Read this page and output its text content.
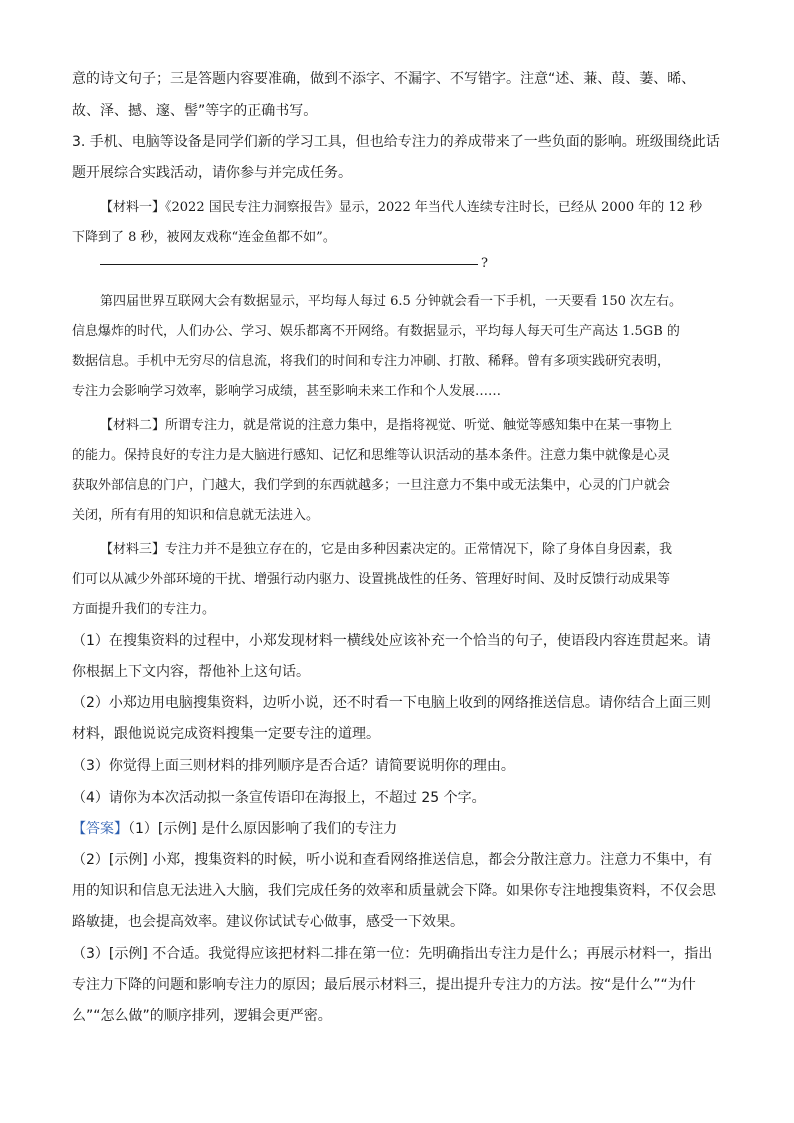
意的诗文句子；三是答题内容要准确，做到不添字、不漏字、不写错字。注意“述、蒹、葭、萋、晞、
故、泽、撼、邃、髻”等字的正确书写。
3. 手机、电脑等设备是同学们新的学习工具，但也给专注力的养成带来了一些负面的影响。班级围绕此话
题开展综合实践活动，请你参与并完成任务。
【材料一】《2022 国民专注力洞察报告》显示，2022 年当代人连续专注时长，已经从 2000 年的 12 秒
下降到了 8 秒，被网友戏称“连金鱼都不如”。
?
第四届世界互联网大会有数据显示，平均每人每过 6.5 分钟就会看一下手机，一天要看 150 次左右。
信息爆炸的时代，人们办公、学习、娱乐都离不开网络。有数据显示，平均每人每天可生产高达 1.5GB 的
数据信息。手机中无穷尽的信息流，将我们的时间和专注力冲刷、打散、稀释。曾有多项实践研究表明，
专注力会影响学习效率，影响学习成绩，甚至影响未来工作和个人发展……
【材料二】所谓专注力，就是常说的注意力集中，是指将视觉、听觉、触觉等感知集中在某一事物上
的能力。保持良好的专注力是大脑进行感知、记忆和思维等认识活动的基本条件。注意力集中就像是心灵
获取外部信息的门户，门越大，我们学到的东西就越多；一旦注意力不集中或无法集中，心灵的门户就会
关闭，所有有用的知识和信息就无法进入。
【材料三】专注力并不是独立存在的，它是由多种因素决定的。正常情况下，除了身体自身因素，我
们可以从减少外部环境的干扰、增强行动内驱力、设置挑战性的任务、管理好时间、及时反馈行动成果等
方面提升我们的专注力。
（1）在搜集资料的过程中，小郑发现材料一横线处应该补充一个恰当的句子，使语段内容连贯起来。请
你根据上下文内容，帮他补上这句话。
（2）小郑边用电脑搜集资料，边听小说，还不时看一下电脑上收到的网络推送信息。请你结合上面三则
材料，跟他说说完成资料搜集一定要专注的道理。
（3）你觉得上面三则材料的排列顺序是否合适？请简要说明你的理由。
（4）请你为本次活动拟一条宣传语印在海报上，不超过 25 个字。
【答案】（1）[示例] 是什么原因影响了我们的专注力
（2）[示例] 小郑，搜集资料的时候，听小说和查看网络推送信息，都会分散注意力。注意力不集中，有
用的知识和信息无法进入大脑，我们完成任务的效率和质量就会下降。如果你专注地搜集资料，不仅会思
路敏捷，也会提高效率。建议你试试专心做事，感受一下效果。
（3）[示例] 不合适。我觉得应该把材料二排在第一位：先明确指出专注力是什么；再展示材料一，指出
专注力下降的问题和影响专注力的原因；最后展示材料三，提出提升专注力的方法。按“是什么”“为什
么”“怎么做”的顺序排列，逻辑会更严密。
